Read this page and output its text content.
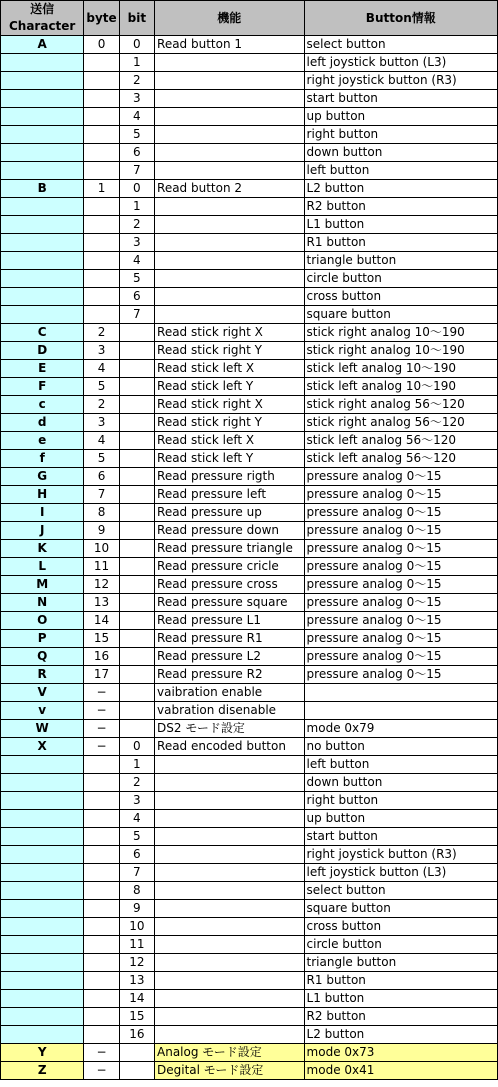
送信
Character	byte	bit	機能	Button情報
A	0	0	Read button 1	select button
		1		left joystick button (L3)
		2		right joystick button (R3)
		3		start button
		4		up button
		5		right button
		6		down button
		7		left button
B	1	0	Read button 2	L2 button
		1		R2 button
		2		L1 button
		3		R1 button
		4		triangle button
		5		circle button
		6		cross button
		7		square button
C	2		Read stick right X	stick right analog 10〜190
D	3		Read stick right Y	stick right analog 10〜190
E	4		Read stick left X	stick left analog 10〜190
F	5		Read stick left Y	stick left analog 10〜190
c	2		Read stick right X	stick right analog 56〜120
d	3		Read stick right Y	stick right analog 56〜120
e	4		Read stick left X	stick left analog 56〜120
f	5		Read stick left Y	stick left analog 56〜120
G	6		Read pressure rigth	pressure analog 0〜15
H	7		Read pressure left	pressure analog 0〜15
I	8		Read pressure up	pressure analog 0〜15
J	9		Read pressure down	pressure analog 0〜15
K	10		Read pressure triangle	pressure analog 0〜15
L	11		Read pressure cricle	pressure analog 0〜15
M	12		Read pressure cross	pressure analog 0〜15
N	13		Read pressure square	pressure analog 0〜15
O	14		Read pressure L1	pressure analog 0〜15
P	15		Read pressure R1	pressure analog 0〜15
Q	16		Read pressure L2	pressure analog 0〜15
R	17		Read pressure R2	pressure analog 0〜15
V	−		vaibration enable	
v	−		vabration disenable	
W	−		DS2 モード設定	mode 0x79
X	−	0	Read encoded button	no button
		1		left button
		2		down button
		3		right button
		4		up button
		5		start button
		6		right joystick button (R3)
		7		left joystick button (L3)
		8		select button
		9		square button
		10		cross button
		11		circle button
		12		triangle button
		13		R1 button
		14		L1 button
		15		R2 button
		16		L2 button
Y	−		Analog モード設定	mode 0x73
Z	−		Degital モード設定	mode 0x41
